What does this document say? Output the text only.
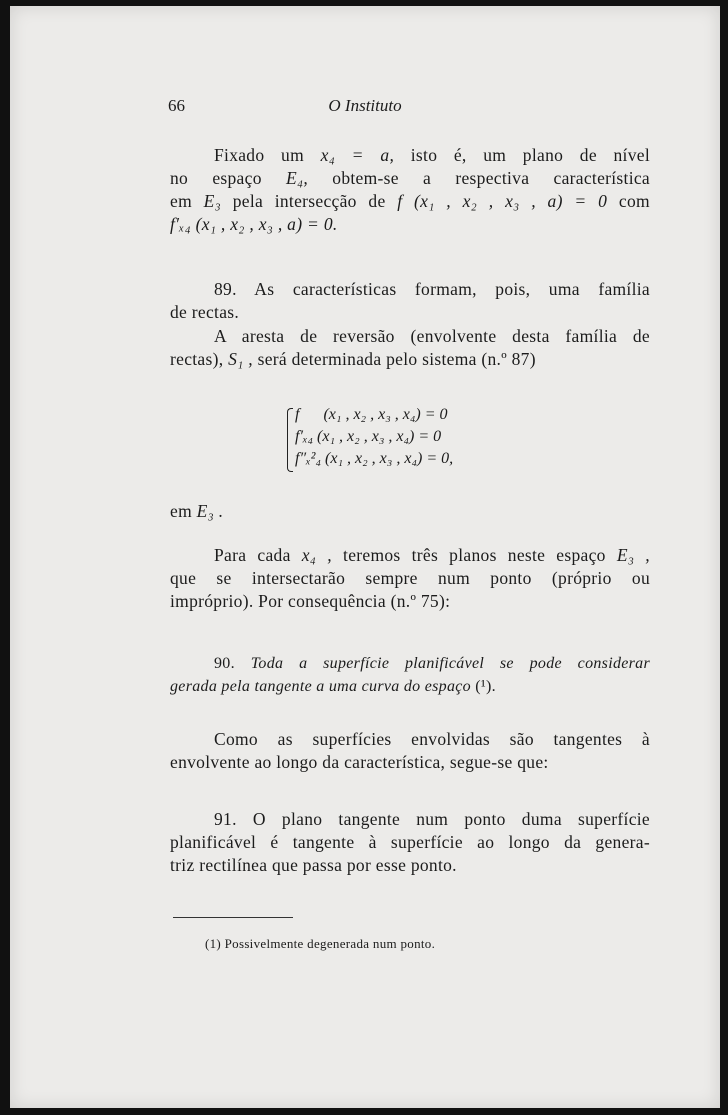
66	O Instituto
Fixado um x₄ = a, isto é, um plano de nível
no espaço E₄, obtem-se a respectiva característica
em E₃ pela intersecção de f (x₁ , x₂ , x₃ , a) = 0 com
f′ₓ₄ (x₁ , x₂ , x₃ , a) = 0.
89. As características formam, pois, uma família
de rectas.
A aresta de reversão (envolvente desta família de
rectas), S₁ , será determinada pelo sistema (n.º 87)
f      (x₁ , x₂ , x₃ , x₄) = 0
f′ₓ₄ (x₁ , x₂ , x₃ , x₄) = 0
f″ₓ²₄ (x₁ , x₂ , x₃ , x₄) = 0,
em E₃ .
Para cada x₄ , teremos três planos neste espaço E₃ ,
que se intersectarão sempre num ponto (próprio ou
impróprio). Por consequência (n.º 75):
90. Toda a superfície planificável se pode considerar
gerada pela tangente a uma curva do espaço (¹).
Como as superfícies envolvidas são tangentes à
envolvente ao longo da característica, segue-se que:
91. O plano tangente num ponto duma superfície
planificável é tangente à superfície ao longo da genera-
triz rectilínea que passa por esse ponto.
(1) Possivelmente degenerada num ponto.
